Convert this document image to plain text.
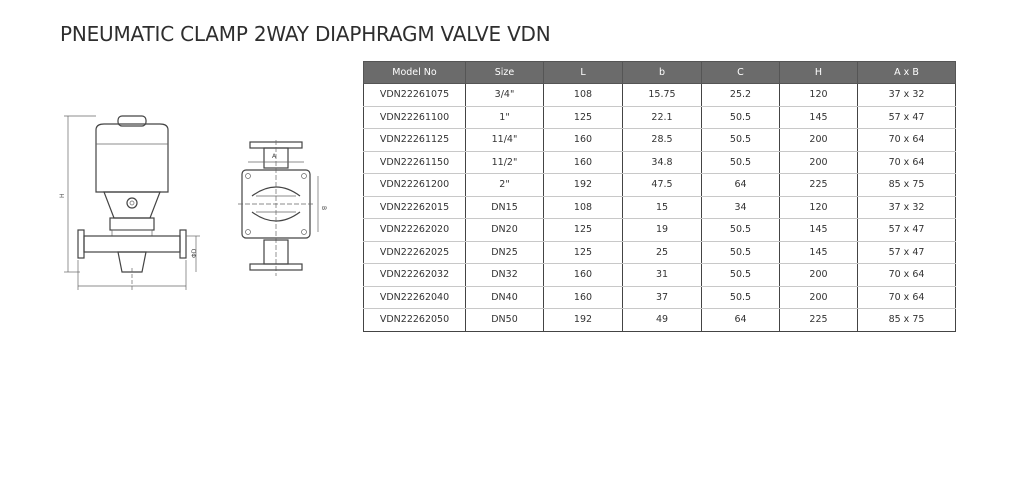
PNEUMATIC CLAMP 2WAY DIAPHRAGM VALVE VDN
H
ΦD
A
B
Model No	Size	L	b	C	H	A x B
VDN22261075	3/4"	108	15.75	25.2	120	37 x 32
VDN22261100	1"	125	22.1	50.5	145	57 x 47
VDN22261125	11/4"	160	28.5	50.5	200	70 x 64
VDN22261150	11/2"	160	34.8	50.5	200	70 x 64
VDN22261200	2"	192	47.5	64	225	85 x 75
VDN22262015	DN15	108	15	34	120	37 x 32
VDN22262020	DN20	125	19	50.5	145	57 x 47
VDN22262025	DN25	125	25	50.5	145	57 x 47
VDN22262032	DN32	160	31	50.5	200	70 x 64
VDN22262040	DN40	160	37	50.5	200	70 x 64
VDN22262050	DN50	192	49	64	225	85 x 75
